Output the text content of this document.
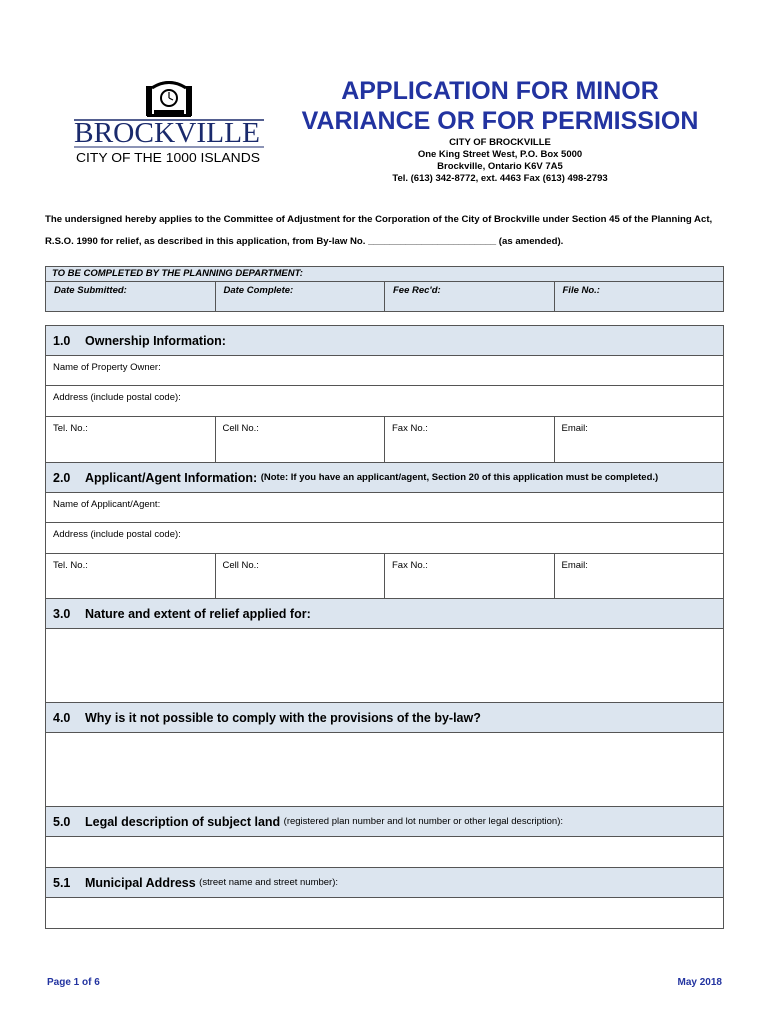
BROCKVILLE
CITY OF THE 1000 ISLANDS
APPLICATION FOR MINOR
VARIANCE OR FOR PERMISSION
CITY OF BROCKVILLE
One King Street West, P.O. Box 5000
Brockville, Ontario K6V 7A5
Tel. (613) 342-8772, ext. 4463 Fax (613) 498-2793
The undersigned hereby applies to the Committee of Adjustment for the Corporation of the City of Brockville under Section 45 of the Planning Act,
R.S.O. 1990 for relief, as described in this application, from By-law No. ________________________ (as amended).
TO BE COMPLETED BY THE PLANNING DEPARTMENT:
Date Submitted:	Date Complete:	Fee Rec'd:	File No.:
1.0	Ownership Information:
Name of Property Owner:
Address (include postal code):
Tel. No.:	Cell No.:	Fax No.:	Email:
2.0	Applicant/Agent Information:
(Note: If you have an applicant/agent, Section 20 of this application must be completed.)
Name of Applicant/Agent:
Address (include postal code):
Tel. No.:	Cell No.:	Fax No.:	Email:
3.0	Nature and extent of relief applied for:
4.0	Why is it not possible to comply with the provisions of the by-law?
5.0	Legal description of subject land
(registered plan number and lot number or other legal description):
5.1	Municipal Address
(street name and street number):
Page 1 of 6	May 2018
